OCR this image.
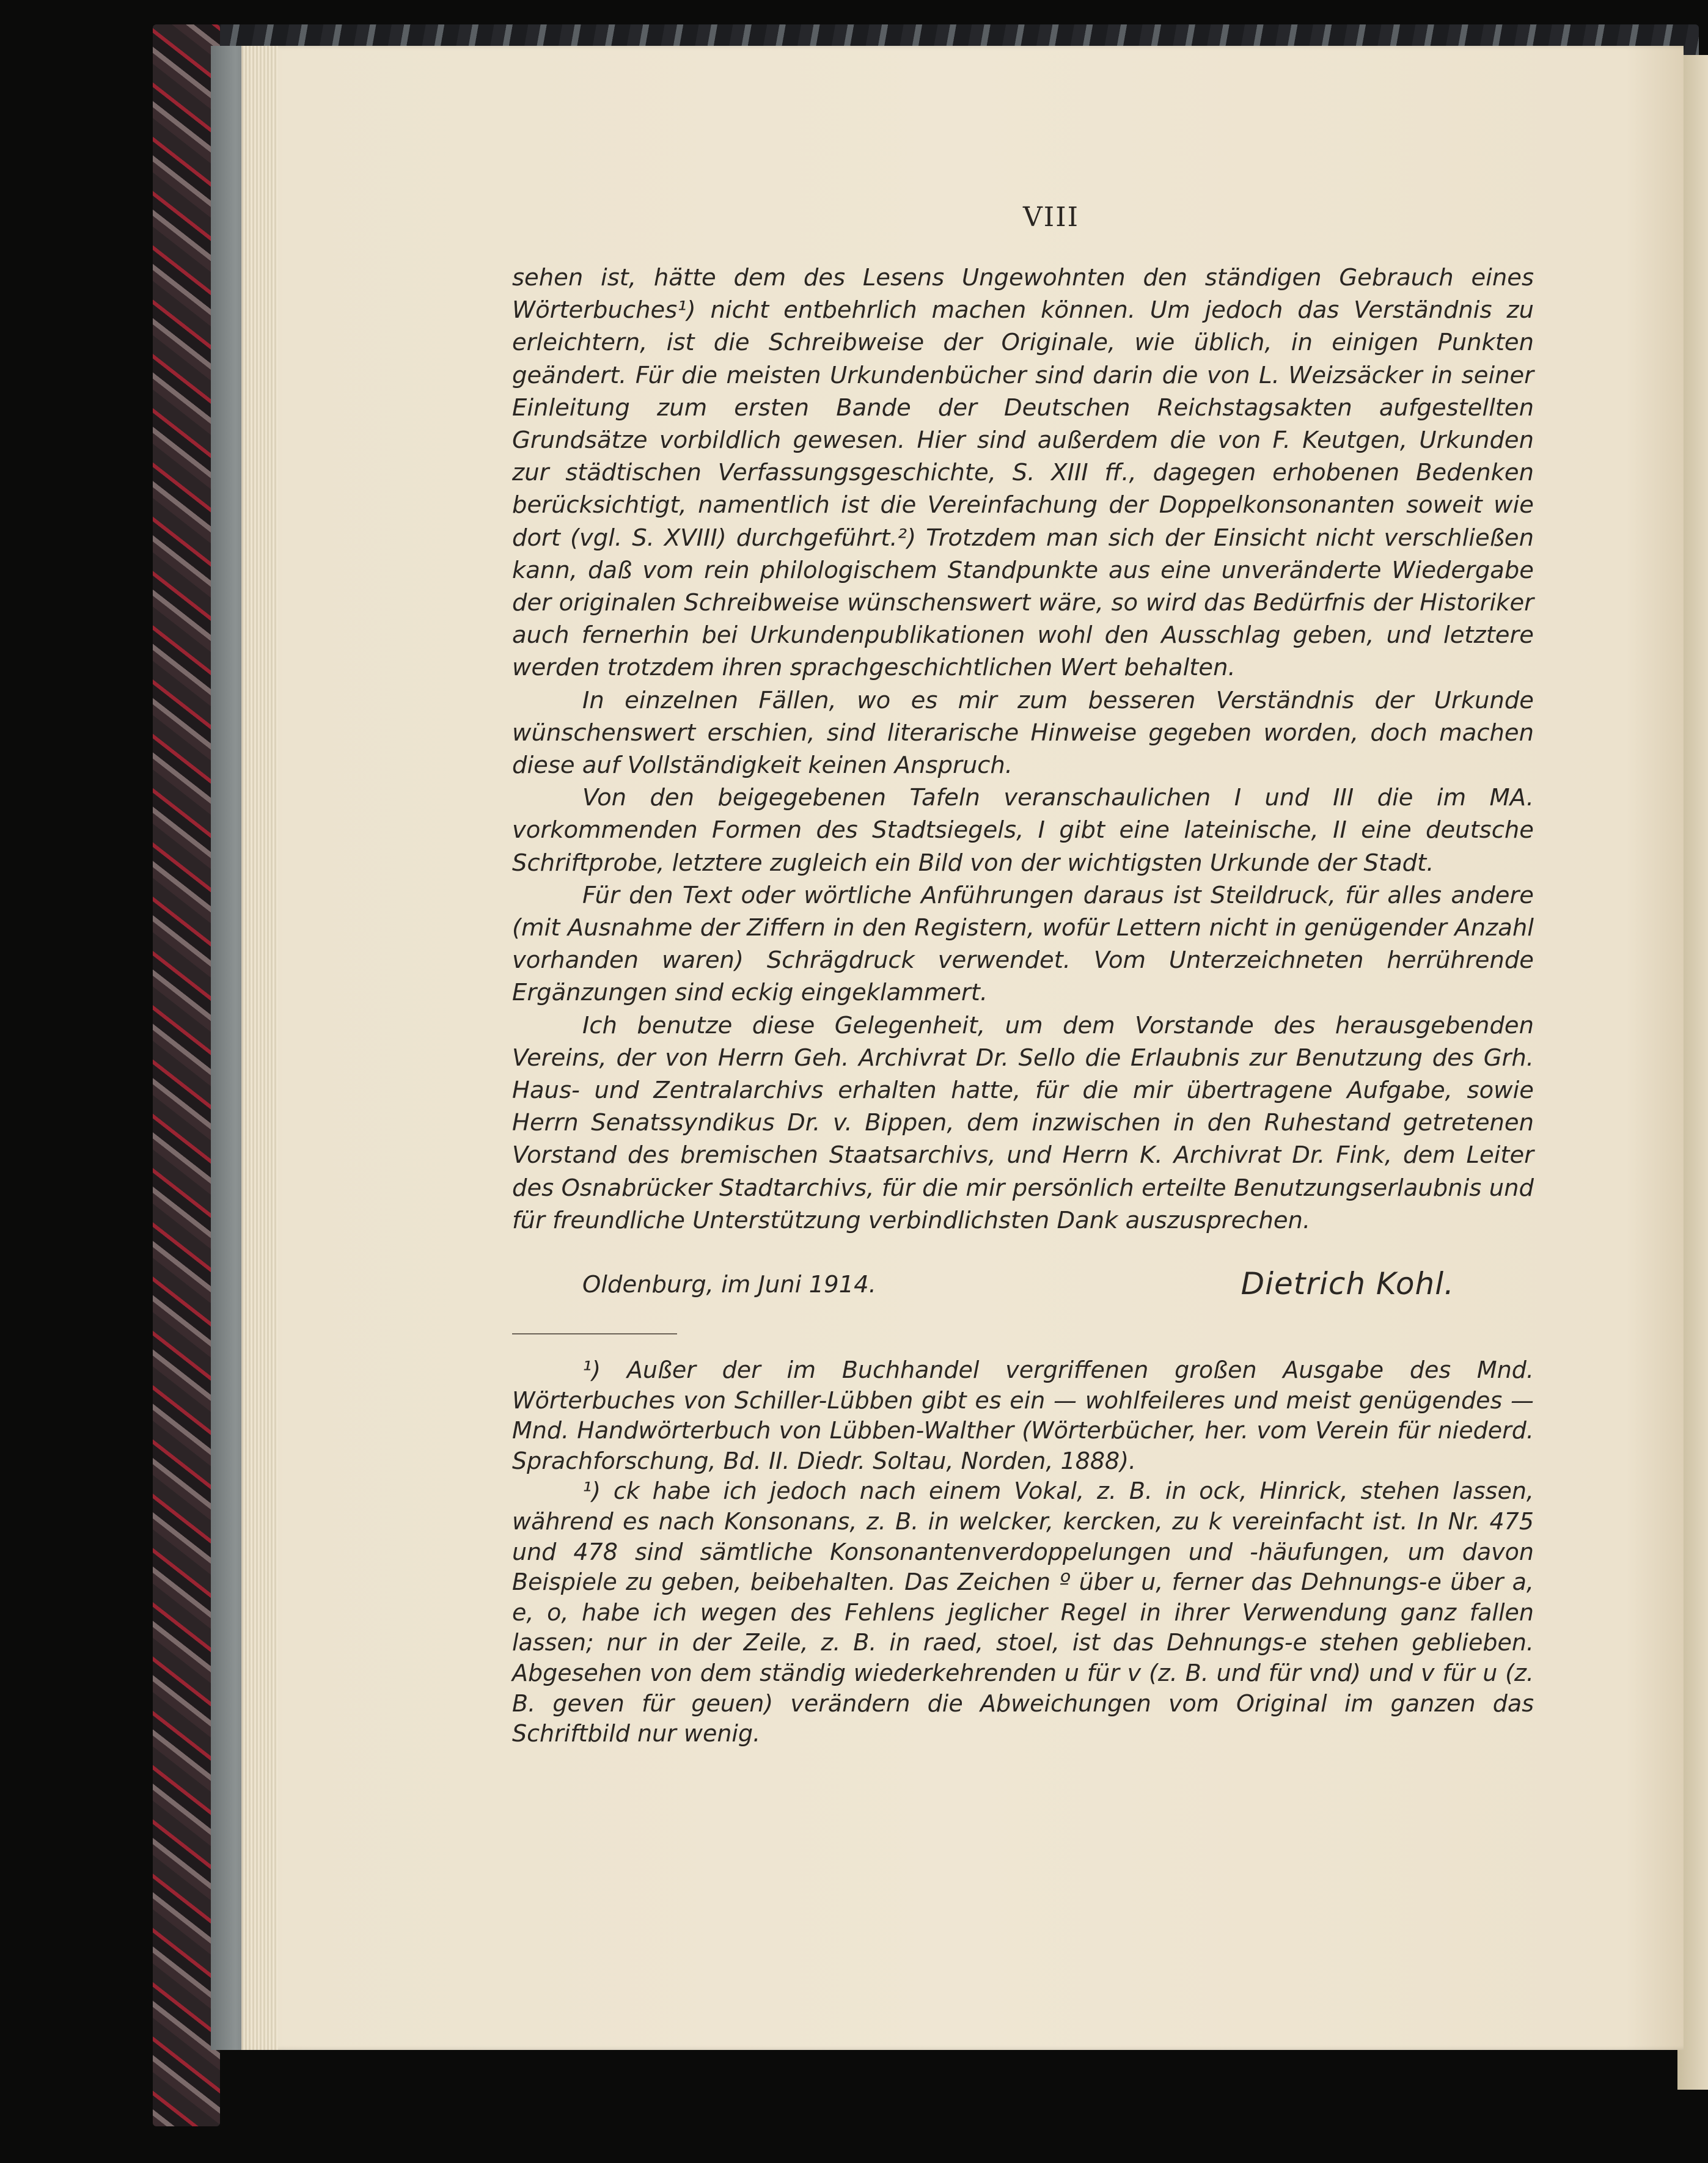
VIII

sehen ist, hätte dem des Lesens Ungewohnten den ständigen Gebrauch eines Wörterbuches¹) nicht entbehrlich machen können. Um jedoch das Verständnis zu erleichtern, ist die Schreibweise der Originale, wie üblich, in einigen Punkten geändert. Für die meisten Urkundenbücher sind darin die von L. Weizsäcker in seiner Einleitung zum ersten Bande der Deutschen Reichstagsakten aufgestellten Grundsätze vorbildlich gewesen. Hier sind außerdem die von F. Keutgen, Urkunden zur städtischen Verfassungsgeschichte, S. XIII ff., dagegen erhobenen Bedenken berücksichtigt, namentlich ist die Vereinfachung der Doppelkonsonanten soweit wie dort (vgl. S. XVIII) durchgeführt.²) Trotzdem man sich der Einsicht nicht verschließen kann, daß vom rein philologischem Standpunkte aus eine unveränderte Wiedergabe der originalen Schreibweise wünschenswert wäre, so wird das Bedürfnis der Historiker auch fernerhin bei Urkundenpublikationen wohl den Ausschlag geben, und letztere werden trotzdem ihren sprachgeschichtlichen Wert behalten.

In einzelnen Fällen, wo es mir zum besseren Verständnis der Urkunde wünschenswert erschien, sind literarische Hinweise gegeben worden, doch machen diese auf Vollständigkeit keinen Anspruch.

Von den beigegebenen Tafeln veranschaulichen I und III die im MA. vorkommenden Formen des Stadtsiegels, I gibt eine lateinische, II eine deutsche Schriftprobe, letztere zugleich ein Bild von der wichtigsten Urkunde der Stadt.

Für den Text oder wörtliche Anführungen daraus ist Steildruck, für alles andere (mit Ausnahme der Ziffern in den Registern, wofür Lettern nicht in genügender Anzahl vorhanden waren) Schrägdruck verwendet. Vom Unterzeichneten herrührende Ergänzungen sind eckig eingeklammert.

Ich benutze diese Gelegenheit, um dem Vorstande des herausgebenden Vereins, der von Herrn Geh. Archivrat Dr. Sello die Erlaubnis zur Benutzung des Grh. Haus- und Zentralarchivs erhalten hatte, für die mir übertragene Aufgabe, sowie Herrn Senatssyndikus Dr. v. Bippen, dem inzwischen in den Ruhestand getretenen Vorstand des bremischen Staatsarchivs, und Herrn K. Archivrat Dr. Fink, dem Leiter des Osnabrücker Stadtarchivs, für die mir persönlich erteilte Benutzungserlaubnis und für freundliche Unterstützung verbindlichsten Dank auszusprechen.

Oldenburg, im Juni 1914.	Dietrich Kohl.

¹) Außer der im Buchhandel vergriffenen großen Ausgabe des Mnd. Wörterbuches von Schiller-Lübben gibt es ein — wohlfeileres und meist genügendes — Mnd. Handwörterbuch von Lübben-Walther (Wörterbücher, her. vom Verein für niederd. Sprachforschung, Bd. II. Diedr. Soltau, Norden, 1888).

¹) ck habe ich jedoch nach einem Vokal, z. B. in ock, Hinrick, stehen lassen, während es nach Konsonans, z. B. in welcker, kercken, zu k vereinfacht ist. In Nr. 475 und 478 sind sämtliche Konsonantenverdoppelungen und -häufungen, um davon Beispiele zu geben, beibehalten. Das Zeichen º über u, ferner das Dehnungs-e über a, e, o, habe ich wegen des Fehlens jeglicher Regel in ihrer Verwendung ganz fallen lassen; nur in der Zeile, z. B. in raed, stoel, ist das Dehnungs-e stehen geblieben. Abgesehen von dem ständig wiederkehrenden u für v (z. B. und für vnd) und v für u (z. B. geven für geuen) verändern die Abweichungen vom Original im ganzen das Schriftbild nur wenig.
